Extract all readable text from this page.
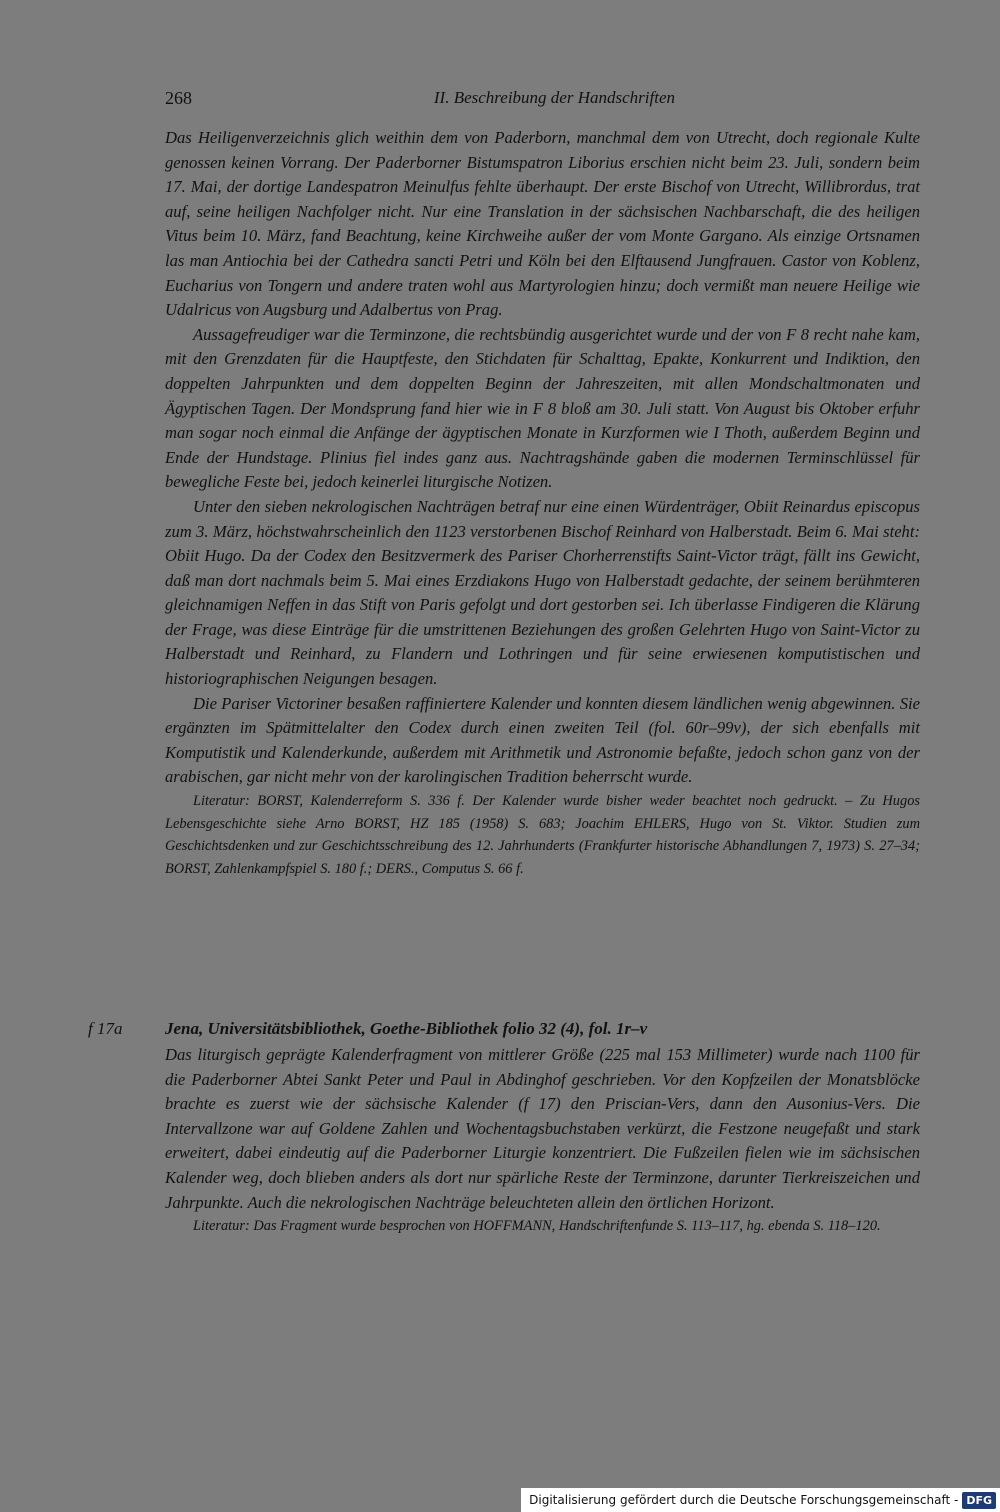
268	II. Beschreibung der Handschriften

Das Heiligenverzeichnis glich weithin dem von Paderborn, manchmal dem von Utrecht, doch regionale Kulte genossen keinen Vorrang. Der Paderborner Bistumspatron Liborius erschien nicht beim 23. Juli, sondern beim 17. Mai, der dortige Landespatron Meinulfus fehlte überhaupt. Der erste Bischof von Utrecht, Willibrordus, trat auf, seine heiligen Nachfolger nicht. Nur eine Translation in der sächsischen Nachbarschaft, die des heiligen Vitus beim 10. März, fand Beachtung, keine Kirchweihe außer der vom Monte Gargano. Als einzige Ortsnamen las man Antiochia bei der Cathedra sancti Petri und Köln bei den Elftausend Jungfrauen. Castor von Koblenz, Eucharius von Tongern und andere traten wohl aus Martyrologien hinzu; doch vermißt man neuere Heilige wie Udalricus von Augsburg und Adalbertus von Prag.

Aussagefreudiger war die Terminzone, die rechtsbündig ausgerichtet wurde und der von F 8 recht nahe kam, mit den Grenzdaten für die Hauptfeste, den Stichdaten für Schalttag, Epakte, Konkurrent und Indiktion, den doppelten Jahrpunkten und dem doppelten Beginn der Jahreszeiten, mit allen Mondschaltmonaten und Ägyptischen Tagen. Der Mondsprung fand hier wie in F 8 bloß am 30. Juli statt. Von August bis Oktober erfuhr man sogar noch einmal die Anfänge der ägyptischen Monate in Kurzformen wie I Thoth, außerdem Beginn und Ende der Hundstage. Plinius fiel indes ganz aus. Nachtragshände gaben die modernen Terminschlüssel für bewegliche Feste bei, jedoch keinerlei liturgische Notizen.

Unter den sieben nekrologischen Nachträgen betraf nur eine einen Würdenträger, Obiit Reinardus episcopus zum 3. März, höchstwahrscheinlich den 1123 verstorbenen Bischof Reinhard von Halberstadt. Beim 6. Mai steht: Obiit Hugo. Da der Codex den Besitzvermerk des Pariser Chorherrenstifts Saint-Victor trägt, fällt ins Gewicht, daß man dort nachmals beim 5. Mai eines Erzdiakons Hugo von Halberstadt gedachte, der seinem berühmteren gleichnamigen Neffen in das Stift von Paris gefolgt und dort gestorben sei. Ich überlasse Findigeren die Klärung der Frage, was diese Einträge für die umstrittenen Beziehungen des großen Gelehrten Hugo von Saint-Victor zu Halberstadt und Reinhard, zu Flandern und Lothringen und für seine erwiesenen komputistischen und historiographischen Neigungen besagen.

Die Pariser Victoriner besaßen raffiniertere Kalender und konnten diesem ländlichen wenig abgewinnen. Sie ergänzten im Spätmittelalter den Codex durch einen zweiten Teil (fol. 60r–99v), der sich ebenfalls mit Komputistik und Kalenderkunde, außerdem mit Arithmetik und Astronomie befaßte, jedoch schon ganz von der arabischen, gar nicht mehr von der karolingischen Tradition beherrscht wurde.

Literatur: BORST, Kalenderreform S. 336 f. Der Kalender wurde bisher weder beachtet noch gedruckt. – Zu Hugos Lebensgeschichte siehe Arno BORST, HZ 185 (1958) S. 683; Joachim EHLERS, Hugo von St. Viktor. Studien zum Geschichtsdenken und zur Geschichtsschreibung des 12. Jahrhunderts (Frankfurter historische Abhandlungen 7, 1973) S. 27–34; BORST, Zahlenkampfspiel S. 180 f.; DERS., Computus S. 66 f.

f 17a	Jena, Universitätsbibliothek, Goethe-Bibliothek folio 32 (4), fol. 1r–v

Das liturgisch geprägte Kalenderfragment von mittlerer Größe (225 mal 153 Millimeter) wurde nach 1100 für die Paderborner Abtei Sankt Peter und Paul in Abdinghof geschrieben. Vor den Kopfzeilen der Monatsblöcke brachte es zuerst wie der sächsische Kalender (f 17) den Priscian-Vers, dann den Ausonius-Vers. Die Intervallzone war auf Goldene Zahlen und Wochentagsbuchstaben verkürzt, die Festzone neugefaßt und stark erweitert, dabei eindeutig auf die Paderborner Liturgie konzentriert. Die Fußzeilen fielen wie im sächsischen Kalender weg, doch blieben anders als dort nur spärliche Reste der Terminzone, darunter Tierkreiszeichen und Jahrpunkte. Auch die nekrologischen Nachträge beleuchteten allein den örtlichen Horizont.

Literatur: Das Fragment wurde besprochen von HOFFMANN, Handschriftenfunde S. 113–117, hg. ebenda S. 118–120.

Digitalisierung gefördert durch die Deutsche Forschungsgemeinschaft - DFG
